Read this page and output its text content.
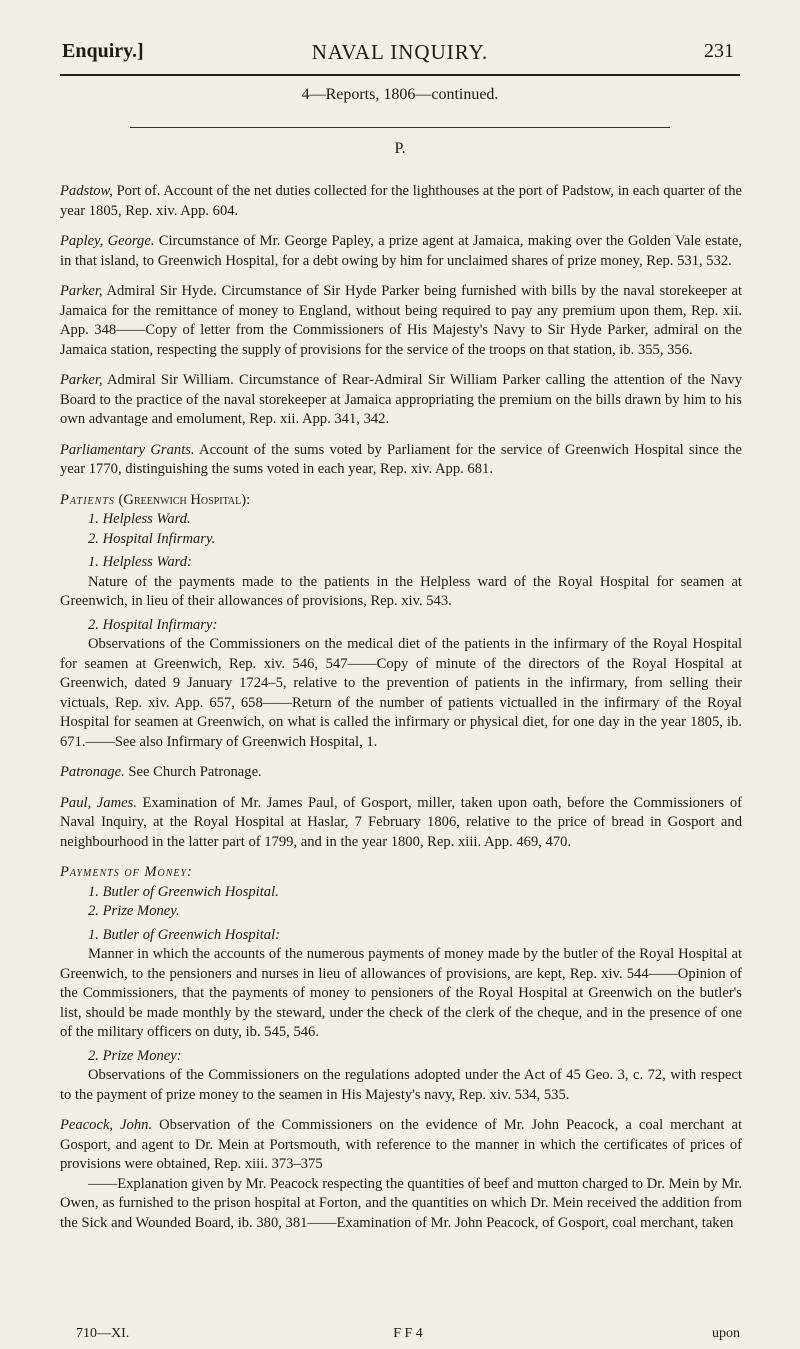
Enquiry.]	NAVAL INQUIRY.	231
4—Reports, 1806—continued.
P.

Padstow, Port of. Account of the net duties collected for the lighthouses at the port of Padstow, in each quarter of the year 1805, Rep. xiv. App. 604.

Papley, George. Circumstance of Mr. George Papley, a prize agent at Jamaica, making over the Golden Vale estate, in that island, to Greenwich Hospital, for a debt owing by him for unclaimed shares of prize money, Rep. 531, 532.

Parker, Admiral Sir Hyde. Circumstance of Sir Hyde Parker being furnished with bills by the naval storekeeper at Jamaica for the remittance of money to England, without being required to pay any premium upon them, Rep. xii. App. 348——Copy of letter from the Commissioners of His Majesty's Navy to Sir Hyde Parker, admiral on the Jamaica station, respecting the supply of provisions for the service of the troops on that station, ib. 355, 356.

Parker, Admiral Sir William. Circumstance of Rear-Admiral Sir William Parker calling the attention of the Navy Board to the practice of the naval storekeeper at Jamaica appropriating the premium on the bills drawn by him to his own advantage and emolument, Rep. xii. App. 341, 342.

Parliamentary Grants. Account of the sums voted by Parliament for the service of Greenwich Hospital since the year 1770, distinguishing the sums voted in each year, Rep. xiv. App. 681.

Patients (Greenwich Hospital):

1. Helpless Ward.

2. Hospital Infirmary.

1. Helpless Ward:

Nature of the payments made to the patients in the Helpless ward of the Royal Hospital for seamen at Greenwich, in lieu of their allowances of provisions, Rep. xiv. 543.

2. Hospital Infirmary:

Observations of the Commissioners on the medical diet of the patients in the infirmary of the Royal Hospital for seamen at Greenwich, Rep. xiv. 546, 547——Copy of minute of the directors of the Royal Hospital at Greenwich, dated 9 January 1724–5, relative to the prevention of patients in the infirmary, from selling their victuals, Rep. xiv. App. 657, 658——Return of the number of patients victualled in the infirmary of the Royal Hospital for seamen at Greenwich, on what is called the infirmary or physical diet, for one day in the year 1805, ib. 671.——See also Infirmary of Greenwich Hospital, 1.

Patronage. See Church Patronage.

Paul, James. Examination of Mr. James Paul, of Gosport, miller, taken upon oath, before the Commissioners of Naval Inquiry, at the Royal Hospital at Haslar, 7 February 1806, relative to the price of bread in Gosport and neighbourhood in the latter part of 1799, and in the year 1800, Rep. xiii. App. 469, 470.

Payments of Money:

1. Butler of Greenwich Hospital.

2. Prize Money.

1. Butler of Greenwich Hospital:

Manner in which the accounts of the numerous payments of money made by the butler of the Royal Hospital at Greenwich, to the pensioners and nurses in lieu of allowances of provisions, are kept, Rep. xiv. 544——Opinion of the Commissioners, that the payments of money to pensioners of the Royal Hospital at Greenwich on the butler's list, should be made monthly by the steward, under the check of the clerk of the cheque, and in the presence of one of the military officers on duty, ib. 545, 546.

2. Prize Money:

Observations of the Commissioners on the regulations adopted under the Act of 45 Geo. 3, c. 72, with respect to the payment of prize money to the seamen in His Majesty's navy, Rep. xiv. 534, 535.

Peacock, John. Observation of the Commissioners on the evidence of Mr. John Peacock, a coal merchant at Gosport, and agent to Dr. Mein at Portsmouth, with reference to the manner in which the certificates of prices of provisions were obtained, Rep. xiii. 373–375

——Explanation given by Mr. Peacock respecting the quantities of beef and mutton charged to Dr. Mein by Mr. Owen, as furnished to the prison hospital at Forton, and the quantities on which Dr. Mein received the addition from the Sick and Wounded Board, ib. 380, 381——Examination of Mr. John Peacock, of Gosport, coal merchant, taken

710—XI.	F F 4	upon
